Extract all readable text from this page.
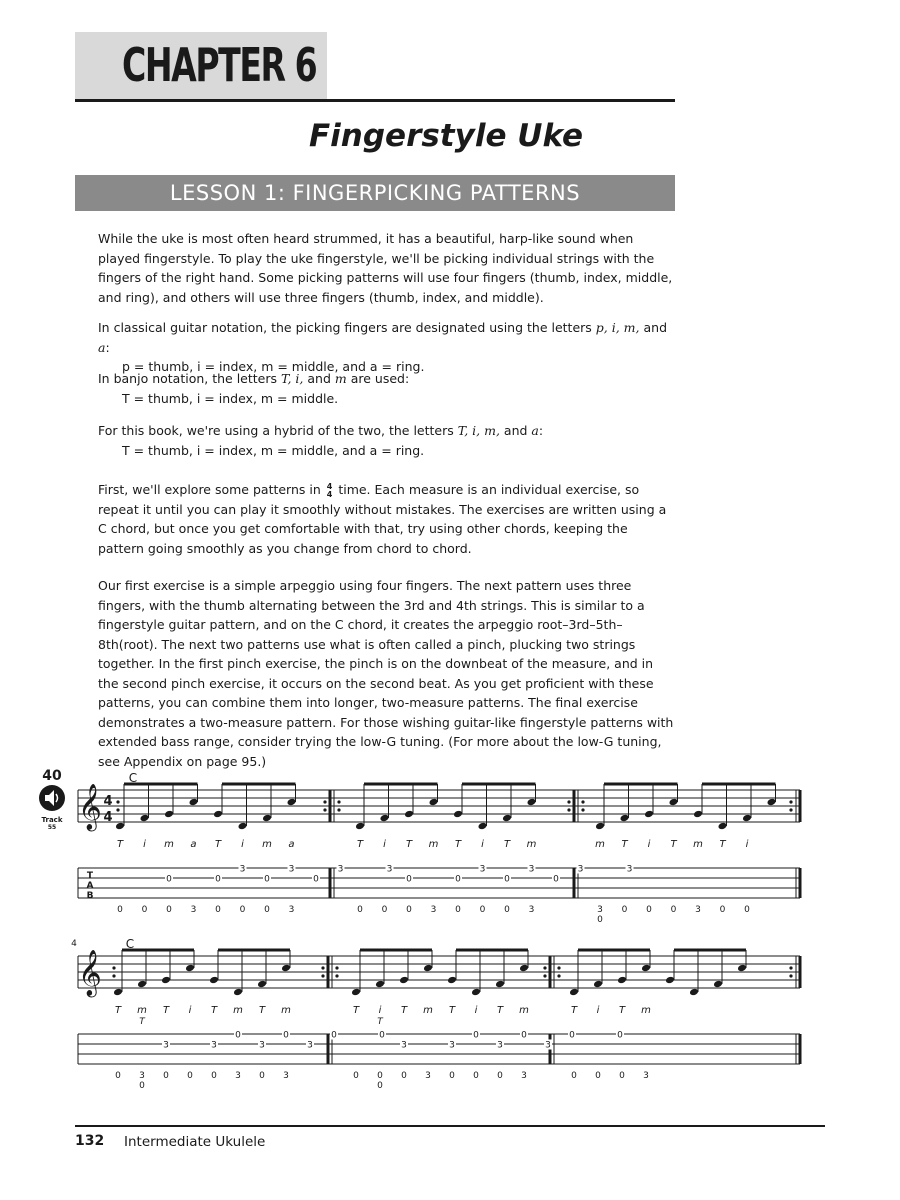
CHAPTER 6
Fingerstyle Uke
LESSON 1: FINGERPICKING PATTERNS
While the uke is most often heard strummed, it has a beautiful, harp-like sound when played fingerstyle. To play the uke fingerstyle, we'll be picking individual strings with the fingers of the right hand. Some picking patterns will use four fingers (thumb, index, middle, and ring), and others will use three fingers (thumb, index, and middle).
In classical guitar notation, the picking fingers are designated using the letters p, i, m, and a:
p = thumb, i = index, m = middle, and a = ring.
In banjo notation, the letters T, i, and m are used:
T = thumb, i = index, m = middle.
For this book, we're using a hybrid of the two, the letters T, i, m, and a:
T = thumb, i = index, m = middle, and a = ring.
First, we'll explore some patterns in 4
4 time. Each measure is an individual exercise, so repeat it until you can play it smoothly without mistakes. The exercises are written using a C chord, but once you get comfortable with that, try using other chords, keeping the pattern going smoothly as you change from chord to chord.
Our first exercise is a simple arpeggio using four fingers. The next pattern uses three fingers, with the thumb alternating between the 3rd and 4th strings. This is similar to a fingerstyle guitar pattern, and on the C chord, it creates the arpeggio root–3rd–5th–8th(root). The next two patterns use what is often called a pinch, plucking two strings together. In the first pinch exercise, the pinch is on the downbeat of the measure, and in the second pinch exercise, it occurs on the second beat. As you get proficient with these patterns, you can combine them into longer, two-measure patterns. The final exercise demonstrates a two-measure pattern. For those wishing guitar-like fingerstyle patterns with extended bass range, consider trying the low-G tuning. (For more about the low-G tuning, see Appendix on page 95.)
40
Track
55 𝄞 4
4
T
A
B
C
T i m a T i m a	T i T m T i T m	m T i T m T i
0
0 0 0 3 0 0 0 3	0 0 0 3 0 0 0 3	3 0 0 0 3 0 0
0
3
0
3
0
3
0
3
0
3
0
3
0
3
0
3
𝄞
4	C
T m T i T m T m	T i T m T i T m	T i T m
T	T
0	0
0 3 0 0 0 3 0 3	0 0 0 3 0 0 0 3	0 0 0 3
3
0
3
0
3
0
3
0
3
0
3
0
3
0
3
0
132 Intermediate Ukulele
